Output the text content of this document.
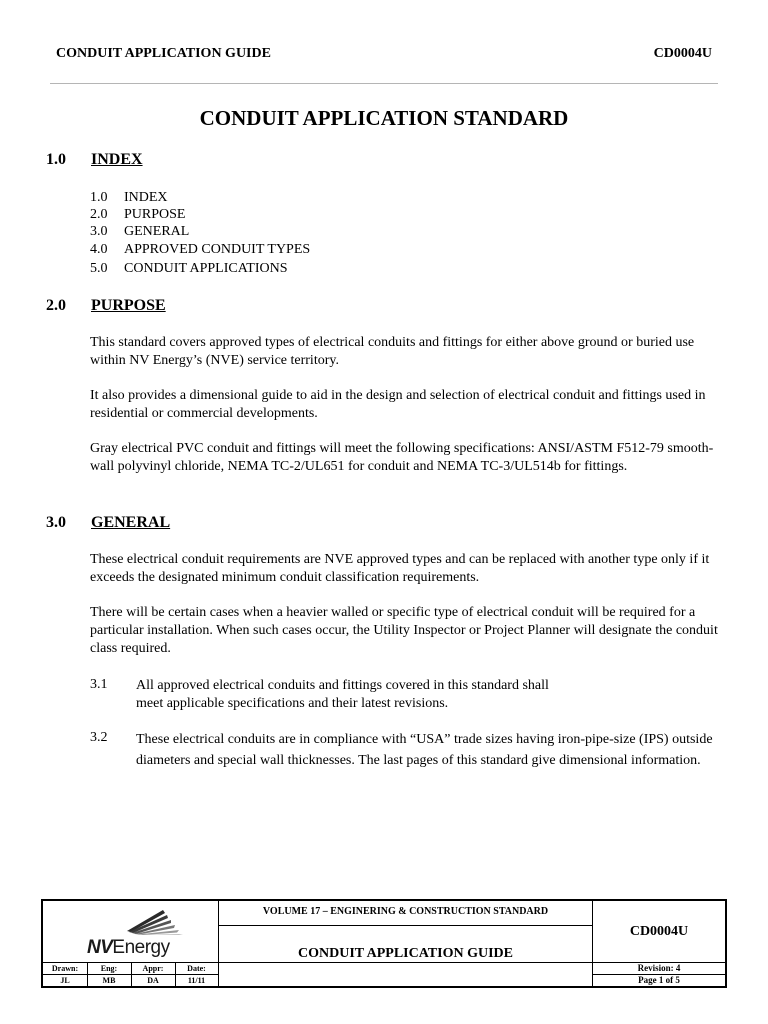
CONDUIT APPLICATION GUIDE	CD0004U
CONDUIT APPLICATION STANDARD
1.0 INDEX
1.0 INDEX
2.0 PURPOSE
3.0 GENERAL
4.0 APPROVED CONDUIT TYPES
5.0 CONDUIT APPLICATIONS
2.0 PURPOSE

This standard covers approved types of electrical conduits and fittings for either above ground or buried use within NV Energy’s (NVE) service territory.

It also provides a dimensional guide to aid in the design and selection of electrical conduit and fittings used in residential or commercial developments.

Gray electrical PVC conduit and fittings will meet the following specifications: ANSI/ASTM F512-79 smooth-wall polyvinyl chloride, NEMA TC-2/UL651 for conduit and NEMA TC-3/UL514b for fittings.

3.0 GENERAL

These electrical conduit requirements are NVE approved types and can be replaced with another type only if it exceeds the designated minimum conduit classification requirements.

There will be certain cases when a heavier walled or specific type of electrical conduit will be required for a particular installation. When such cases occur, the Utility Inspector or Project Planner will designate the conduit class required.

3.1 All approved electrical conduits and fittings covered in this standard shall
meet applicable specifications and their latest revisions.
3.2 These electrical conduits are in compliance with “USA” trade sizes having iron-pipe-size (IPS) outside diameters and special wall thicknesses. The last pages of this standard give dimensional information.

NVEnergy
VOLUME 17 – ENGINERING & CONSTRUCTION STANDARD
CONDUIT APPLICATION GUIDE
CD0004U
Revision: 4
Page 1 of 5
Drawn:	Eng:	Appr:	Date:
JL	MB	DA	11/11
